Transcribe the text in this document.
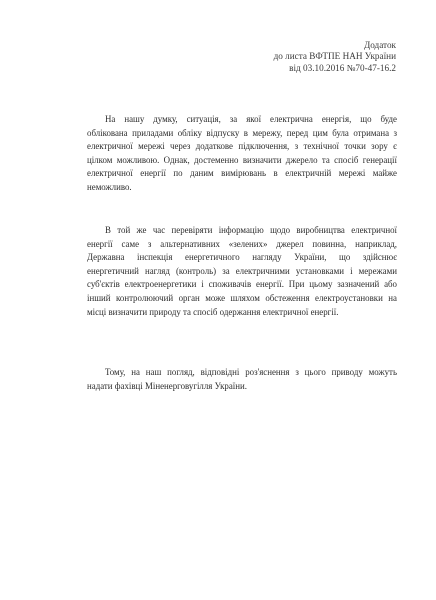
Додаток
до листа ВФТПЕ НАН України
від 03.10.2016 №70-47-16.2
На нашу думку, ситуація, за якої електрична енергія, що буде
облікована приладами обліку відпуску в мережу, перед цим була отримана з
електричної мережі через додаткове підключення, з технічної точки зору є
цілком можливою. Однак, достеменно визначити джерело та спосіб генерації
електричної енергії по даним вимірювань в електричній мережі майже
неможливо.
В той же час перевіряти інформацію щодо виробництва електричної
енергії саме з альтернативних «зелених» джерел повинна, наприклад,
Державна інспекція енергетичного нагляду України, що здійснює
енергетичний нагляд (контроль) за електричними установками і мережами
суб'єктів електроенергетики і споживачів енергії. При цьому зазначений або
інший контролюючий орган може шляхом обстеження електроустановки на
місці визначити природу та спосіб одержання електричної енергії.
Тому, на наш погляд, відповідні роз'яснення з цього приводу можуть
надати фахівці Міненерговугілля України.
